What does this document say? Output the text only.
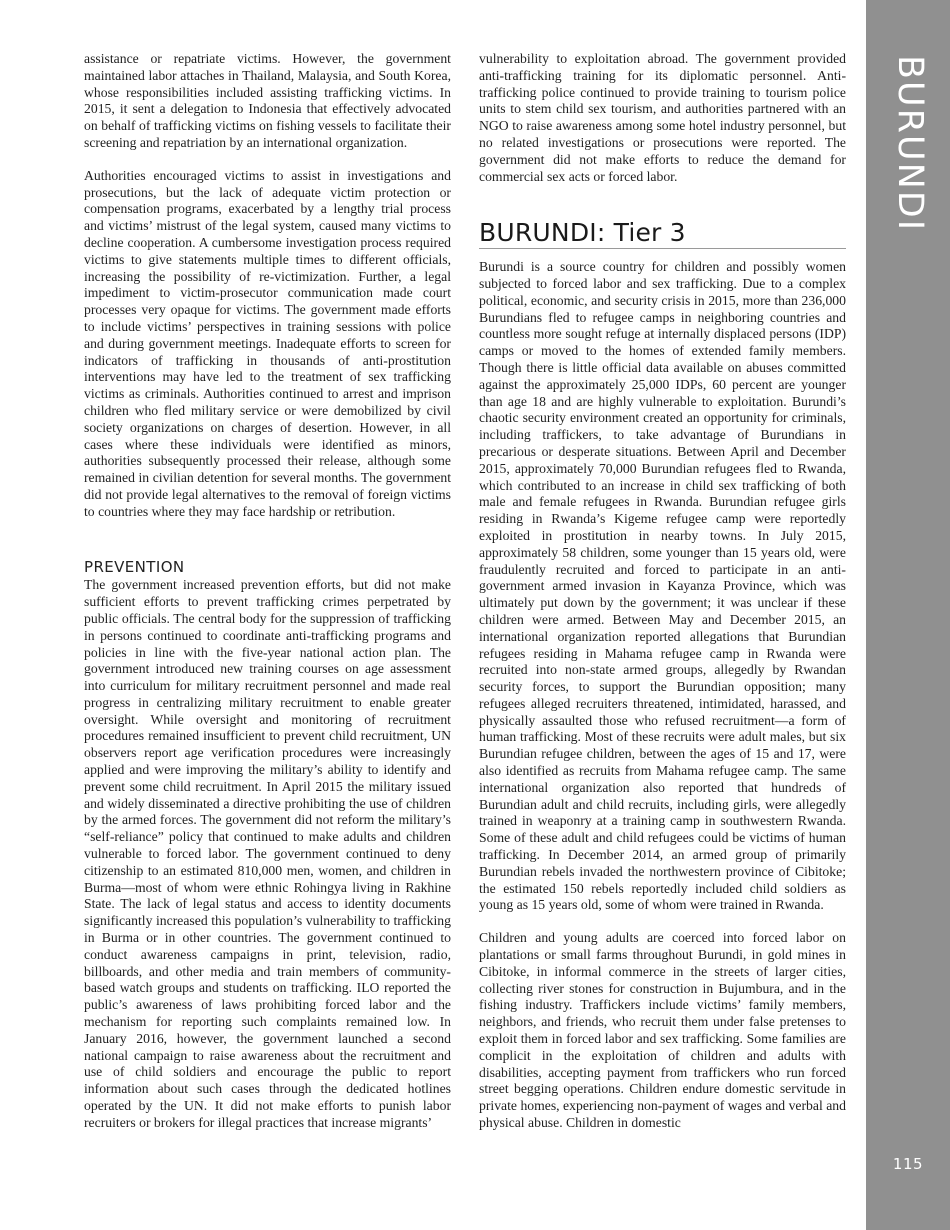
assistance or repatriate victims. However, the government maintained labor attaches in Thailand, Malaysia, and South Korea, whose responsibilities included assisting trafficking victims. In 2015, it sent a delegation to Indonesia that effectively advocated on behalf of trafficking victims on fishing vessels to facilitate their screening and repatriation by an international organization.

Authorities encouraged victims to assist in investigations and prosecutions, but the lack of adequate victim protection or compensation programs, exacerbated by a lengthy trial process and victims’ mistrust of the legal system, caused many victims to decline cooperation. A cumbersome investigation process required victims to give statements multiple times to different officials, increasing the possibility of re-victimization. Further, a legal impediment to victim-prosecutor communication made court processes very opaque for victims. The government made efforts to include victims’ perspectives in training sessions with police and during government meetings. Inadequate efforts to screen for indicators of trafficking in thousands of anti-prostitution interventions may have led to the treatment of sex trafficking victims as criminals. Authorities continued to arrest and imprison children who fled military service or were demobilized by civil society organizations on charges of desertion. However, in all cases where these individuals were identified as minors, authorities subsequently processed their release, although some remained in civilian detention for several months. The government did not provide legal alternatives to the removal of foreign victims to countries where they may face hardship or retribution.

PREVENTION

The government increased prevention efforts, but did not make sufficient efforts to prevent trafficking crimes perpetrated by public officials. The central body for the suppression of trafficking in persons continued to coordinate anti-trafficking programs and policies in line with the five-year national action plan. The government introduced new training courses on age assessment into curriculum for military recruitment personnel and made real progress in centralizing military recruitment to enable greater oversight. While oversight and monitoring of recruitment procedures remained insufficient to prevent child recruitment, UN observers report age verification procedures were increasingly applied and were improving the military’s ability to identify and prevent some child recruitment. In April 2015 the military issued and widely disseminated a directive prohibiting the use of children by the armed forces. The government did not reform the military’s “self-reliance” policy that continued to make adults and children vulnerable to forced labor. The government continued to deny citizenship to an estimated 810,000 men, women, and children in Burma—most of whom were ethnic Rohingya living in Rakhine State. The lack of legal status and access to identity documents significantly increased this population’s vulnerability to trafficking in Burma or in other countries. The government continued to conduct awareness campaigns in print, television, radio, billboards, and other media and train members of community-based watch groups and students on trafficking. ILO reported the public’s awareness of laws prohibiting forced labor and the mechanism for reporting such complaints remained low. In January 2016, however, the government launched a second national campaign to raise awareness about the recruitment and use of child soldiers and encourage the public to report information about such cases through the dedicated hotlines operated by the UN. It did not make efforts to punish labor recruiters or brokers for illegal practices that increase migrants’

vulnerability to exploitation abroad. The government provided anti-trafficking training for its diplomatic personnel. Anti-trafficking police continued to provide training to tourism police units to stem child sex tourism, and authorities partnered with an NGO to raise awareness among some hotel industry personnel, but no related investigations or prosecutions were reported. The government did not make efforts to reduce the demand for commercial sex acts or forced labor.

BURUNDI: Tier 3

Burundi is a source country for children and possibly women subjected to forced labor and sex trafficking. Due to a complex political, economic, and security crisis in 2015, more than 236,000 Burundians fled to refugee camps in neighboring countries and countless more sought refuge at internally displaced persons (IDP) camps or moved to the homes of extended family members. Though there is little official data available on abuses committed against the approximately 25,000 IDPs, 60 percent are younger than age 18 and are highly vulnerable to exploitation. Burundi’s chaotic security environment created an opportunity for criminals, including traffickers, to take advantage of Burundians in precarious or desperate situations. Between April and December 2015, approximately 70,000 Burundian refugees fled to Rwanda, which contributed to an increase in child sex trafficking of both male and female refugees in Rwanda. Burundian refugee girls residing in Rwanda’s Kigeme refugee camp were reportedly exploited in prostitution in nearby towns. In July 2015, approximately 58 children, some younger than 15 years old, were fraudulently recruited and forced to participate in an anti-government armed invasion in Kayanza Province, which was ultimately put down by the government; it was unclear if these children were armed. Between May and December 2015, an international organization reported allegations that Burundian refugees residing in Mahama refugee camp in Rwanda were recruited into non-state armed groups, allegedly by Rwandan security forces, to support the Burundian opposition; many refugees alleged recruiters threatened, intimidated, harassed, and physically assaulted those who refused recruitment—a form of human trafficking. Most of these recruits were adult males, but six Burundian refugee children, between the ages of 15 and 17, were also identified as recruits from Mahama refugee camp. The same international organization also reported that hundreds of Burundian adult and child recruits, including girls, were allegedly trained in weaponry at a training camp in southwestern Rwanda. Some of these adult and child refugees could be victims of human trafficking. In December 2014, an armed group of primarily Burundian rebels invaded the northwestern province of Cibitoke; the estimated 150 rebels reportedly included child soldiers as young as 15 years old, some of whom were trained in Rwanda.

Children and young adults are coerced into forced labor on plantations or small farms throughout Burundi, in gold mines in Cibitoke, in informal commerce in the streets of larger cities, collecting river stones for construction in Bujumbura, and in the fishing industry. Traffickers include victims’ family members, neighbors, and friends, who recruit them under false pretenses to exploit them in forced labor and sex trafficking. Some families are complicit in the exploitation of children and adults with disabilities, accepting payment from traffickers who run forced street begging operations. Children endure domestic servitude in private homes, experiencing non-payment of wages and verbal and physical abuse. Children in domestic

BURUNDI
115
